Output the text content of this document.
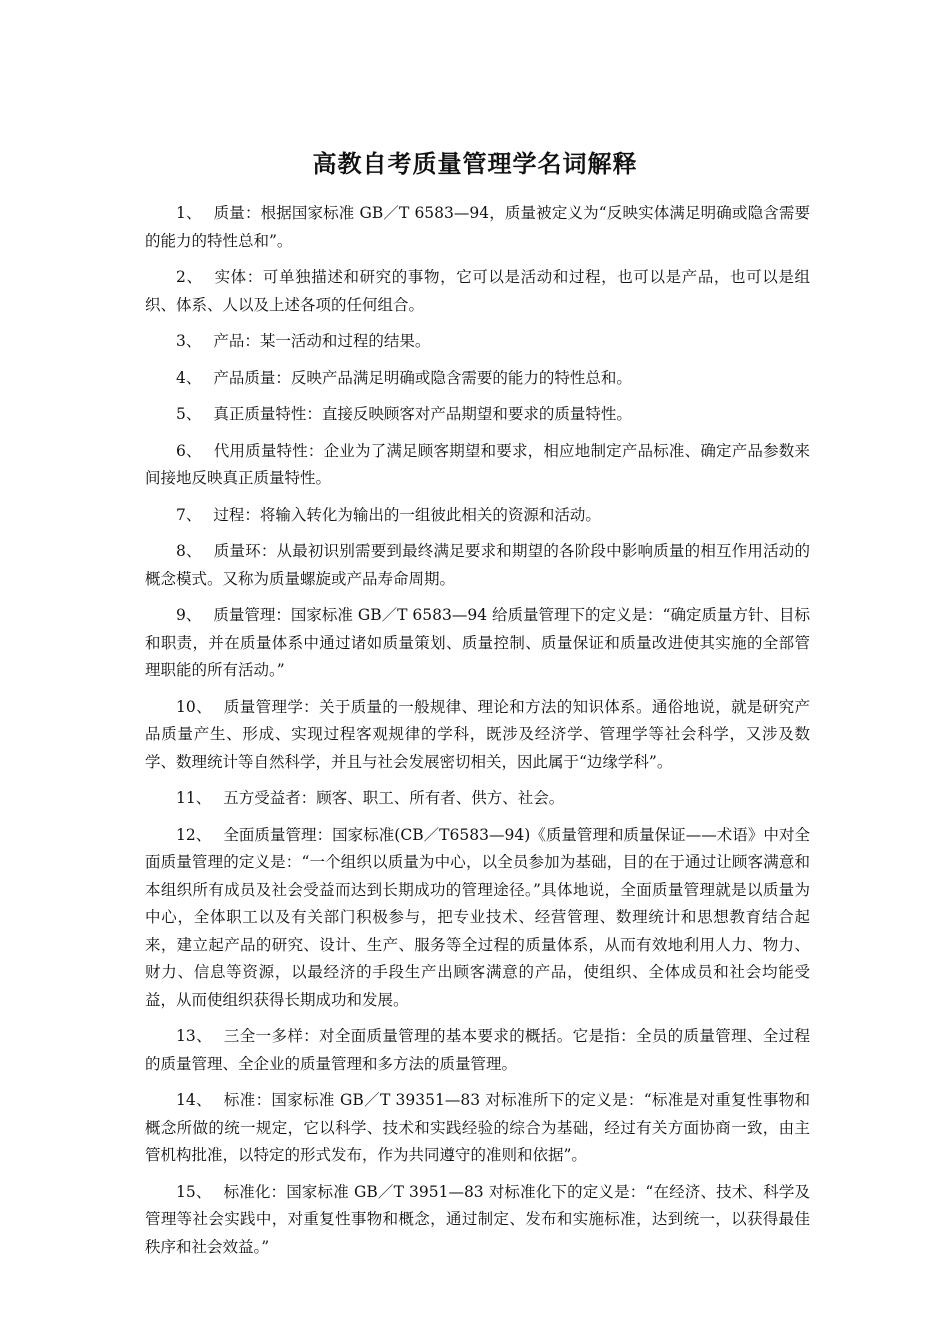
高教自考质量管理学名词解释

1、 质量：根据国家标准 GB／T 6583—94，质量被定义为“反映实体满足明确或隐含需要的能力的特性总和”。

2、 实体：可单独描述和研究的事物，它可以是活动和过程，也可以是产品，也可以是组织、体系、人以及上述各项的任何组合。

3、 产品：某一活动和过程的结果。

4、 产品质量：反映产品满足明确或隐含需要的能力的特性总和。

5、 真正质量特性：直接反映顾客对产品期望和要求的质量特性。

6、 代用质量特性：企业为了满足顾客期望和要求，相应地制定产品标准、确定产品参数来间接地反映真正质量特性。

7、 过程：将输入转化为输出的一组彼此相关的资源和活动。

8、 质量环：从最初识别需要到最终满足要求和期望的各阶段中影响质量的相互作用活动的概念模式。又称为质量螺旋或产品寿命周期。

9、 质量管理：国家标准 GB／T 6583—94 给质量管理下的定义是：“确定质量方针、目标和职责，并在质量体系中通过诸如质量策划、质量控制、质量保证和质量改进使其实施的全部管理职能的所有活动。”

10、 质量管理学：关于质量的一般规律、理论和方法的知识体系。通俗地说，就是研究产品质量产生、形成、实现过程客观规律的学科，既涉及经济学、管理学等社会科学，又涉及数学、数理统计等自然科学，并且与社会发展密切相关，因此属于“边缘学科”。

11、 五方受益者：顾客、职工、所有者、供方、社会。

12、 全面质量管理：国家标准(CB／T6583—94)《质量管理和质量保证——术语》中对全面质量管理的定义是：“一个组织以质量为中心，以全员参加为基础，目的在于通过让顾客满意和本组织所有成员及社会受益而达到长期成功的管理途径。”具体地说，全面质量管理就是以质量为中心，全体职工以及有关部门积极参与，把专业技术、经营管理、数理统计和思想教育结合起来，建立起产品的研究、设计、生产、服务等全过程的质量体系，从而有效地利用人力、物力、财力、信息等资源，以最经济的手段生产出顾客满意的产品，使组织、全体成员和社会均能受益，从而使组织获得长期成功和发展。

13、 三全一多样：对全面质量管理的基本要求的概括。它是指：全员的质量管理、全过程的质量管理、全企业的质量管理和多方法的质量管理。

14、 标准：国家标准 GB／T 39351—83 对标准所下的定义是：“标准是对重复性事物和概念所做的统一规定，它以科学、技术和实践经验的综合为基础，经过有关方面协商一致，由主管机构批准，以特定的形式发布，作为共同遵守的准则和依据”。

15、 标准化：国家标准 GB／T 3951—83 对标准化下的定义是：“在经济、技术、科学及管理等社会实践中，对重复性事物和概念，通过制定、发布和实施标准，达到统一，以获得最佳秩序和社会效益。”
